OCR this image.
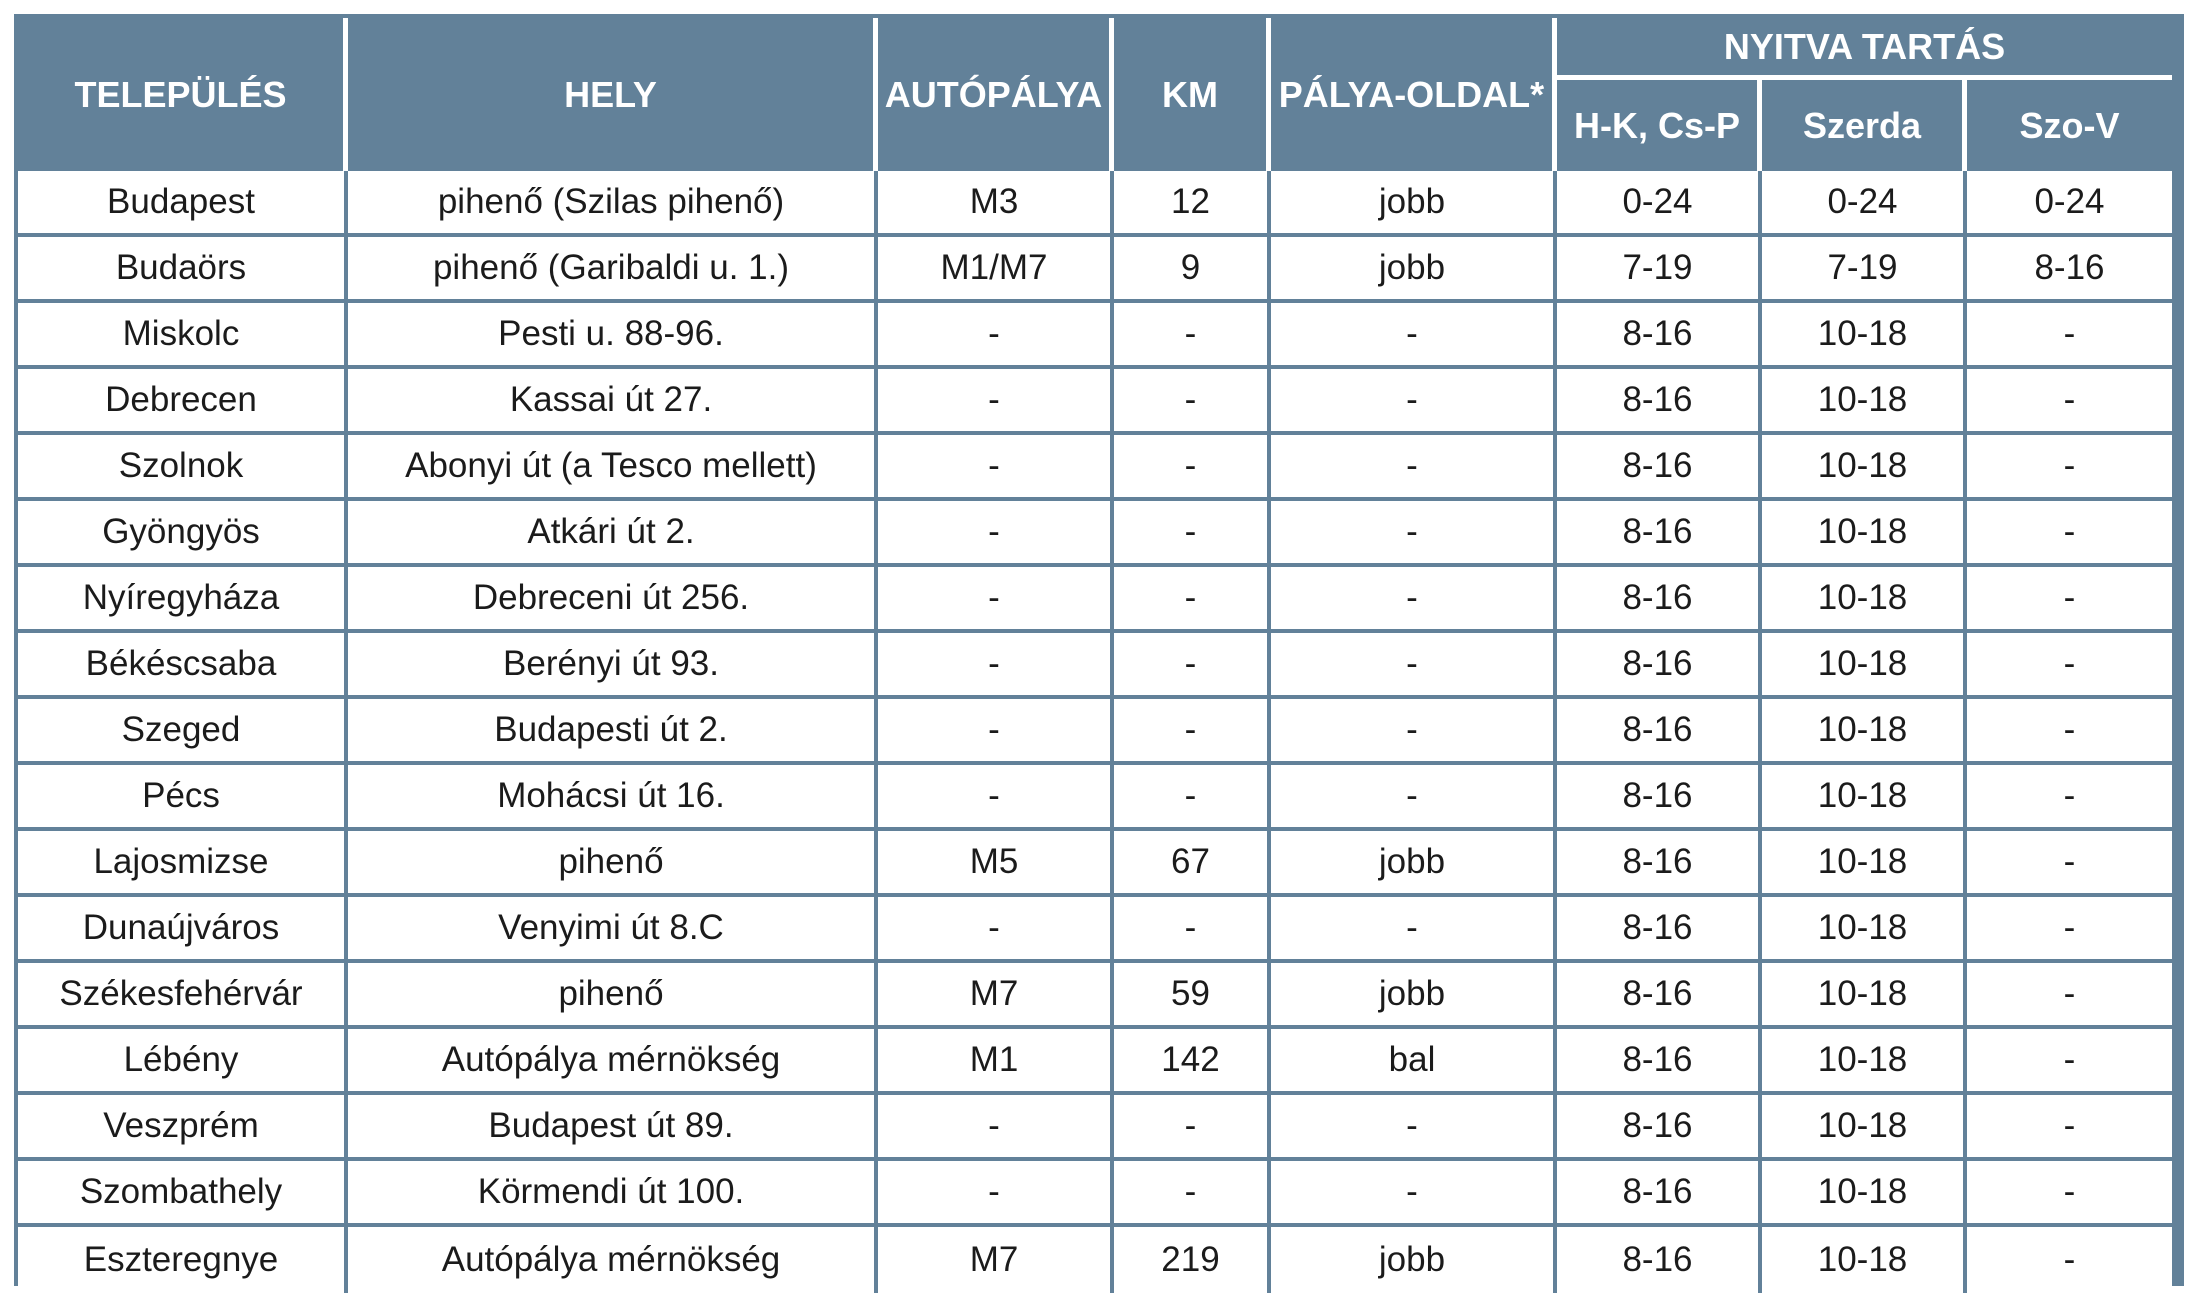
TELEPÜLÉS	HELY	AUTÓPÁLYA	KM	PÁLYA-OLDAL*
NYITVA TARTÁS
H-K, Cs-P	Szerda	Szo-V
Budapest	pihenő (Szilas pihenő)	M3	12	jobb	0-24	0-24	0-24
Budaörs	pihenő (Garibaldi u. 1.)	M1/M7	9	jobb	7-19	7-19	8-16
Miskolc	Pesti u. 88-96.	-	-	-	8-16	10-18	-
Debrecen	Kassai út 27.	-	-	-	8-16	10-18	-
Szolnok	Abonyi út (a Tesco mellett)	-	-	-	8-16	10-18	-
Gyöngyös	Atkári út 2.	-	-	-	8-16	10-18	-
Nyíregyháza	Debreceni út 256.	-	-	-	8-16	10-18	-
Békéscsaba	Berényi út 93.	-	-	-	8-16	10-18	-
Szeged	Budapesti út 2.	-	-	-	8-16	10-18	-
Pécs	Mohácsi út 16.	-	-	-	8-16	10-18	-
Lajosmizse	pihenő	M5	67	jobb	8-16	10-18	-
Dunaújváros	Venyimi út 8.C	-	-	-	8-16	10-18	-
Székesfehérvár	pihenő	M7	59	jobb	8-16	10-18	-
Lébény	Autópálya mérnökség	M1	142	bal	8-16	10-18	-
Veszprém	Budapest út 89.	-	-	-	8-16	10-18	-
Szombathely	Körmendi út 100.	-	-	-	8-16	10-18	-
Eszteregnye	Autópálya mérnökség	M7	219	jobb	8-16	10-18	-
